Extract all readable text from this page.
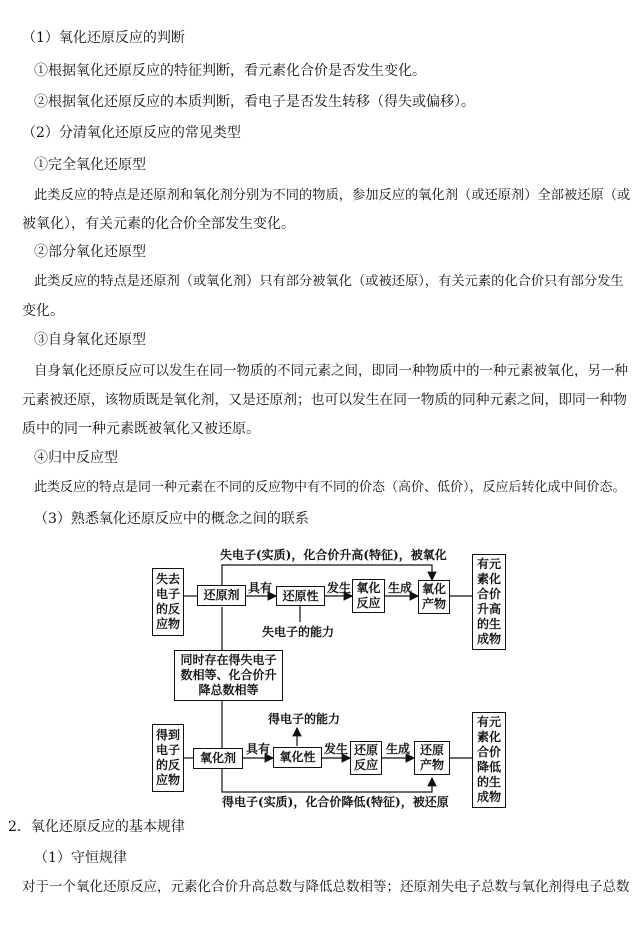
（1）氧化还原反应的判断
①根据氧化还原反应的特征判断，看元素化合价是否发生变化。
②根据氧化还原反应的本质判断，看电子是否发生转移（得失或偏移）。
（2）分清氧化还原反应的常见类型
①完全氧化还原型
此类反应的特点是还原剂和氧化剂分别为不同的物质，参加反应的氧化剂（或还原剂）全部被还原（或
被氧化），有关元素的化合价全部发生变化。
②部分氧化还原型
此类反应的特点是还原剂（或氧化剂）只有部分被氧化（或被还原），有关元素的化合价只有部分发生
变化。
③自身氧化还原型
自身氧化还原反应可以发生在同一物质的不同元素之间，即同一种物质中的一种元素被氧化，另一种
元素被还原，该物质既是氧化剂，又是还原剂；也可以发生在同一物质的同种元素之间，即同一种物
质中的同一种元素既被氧化又被还原。
④归中反应型
此类反应的特点是同一种元素在不同的反应物中有不同的价态（高价、低价），反应后转化成中间价态。
（3）熟悉氧化还原反应中的概念之间的联系
失去
电子
的反
应物
还原剂 具有
还原性
发生 氧化
反应
生成 氧化
产物
有元
素化
合价
升高
的生
成物
失电子(实质)，化合价升高(特征)，被氧化
失电子的能力
同时存在得失电子
数相等、化合价升
降总数相等
得到
电子
的反
应物
氧化剂
具有
氧化性
发生 还原
反应
生成 还原
产物
有元
素化
合价
降低
的生
成物
得电子的能力
得电子(实质)，化合价降低(特征)，被还原
2．氧化还原反应的基本规律
（1）守恒规律
对于一个氧化还原反应，元素化合价升高总数与降低总数相等；还原剂失电子总数与氧化剂得电子总数
